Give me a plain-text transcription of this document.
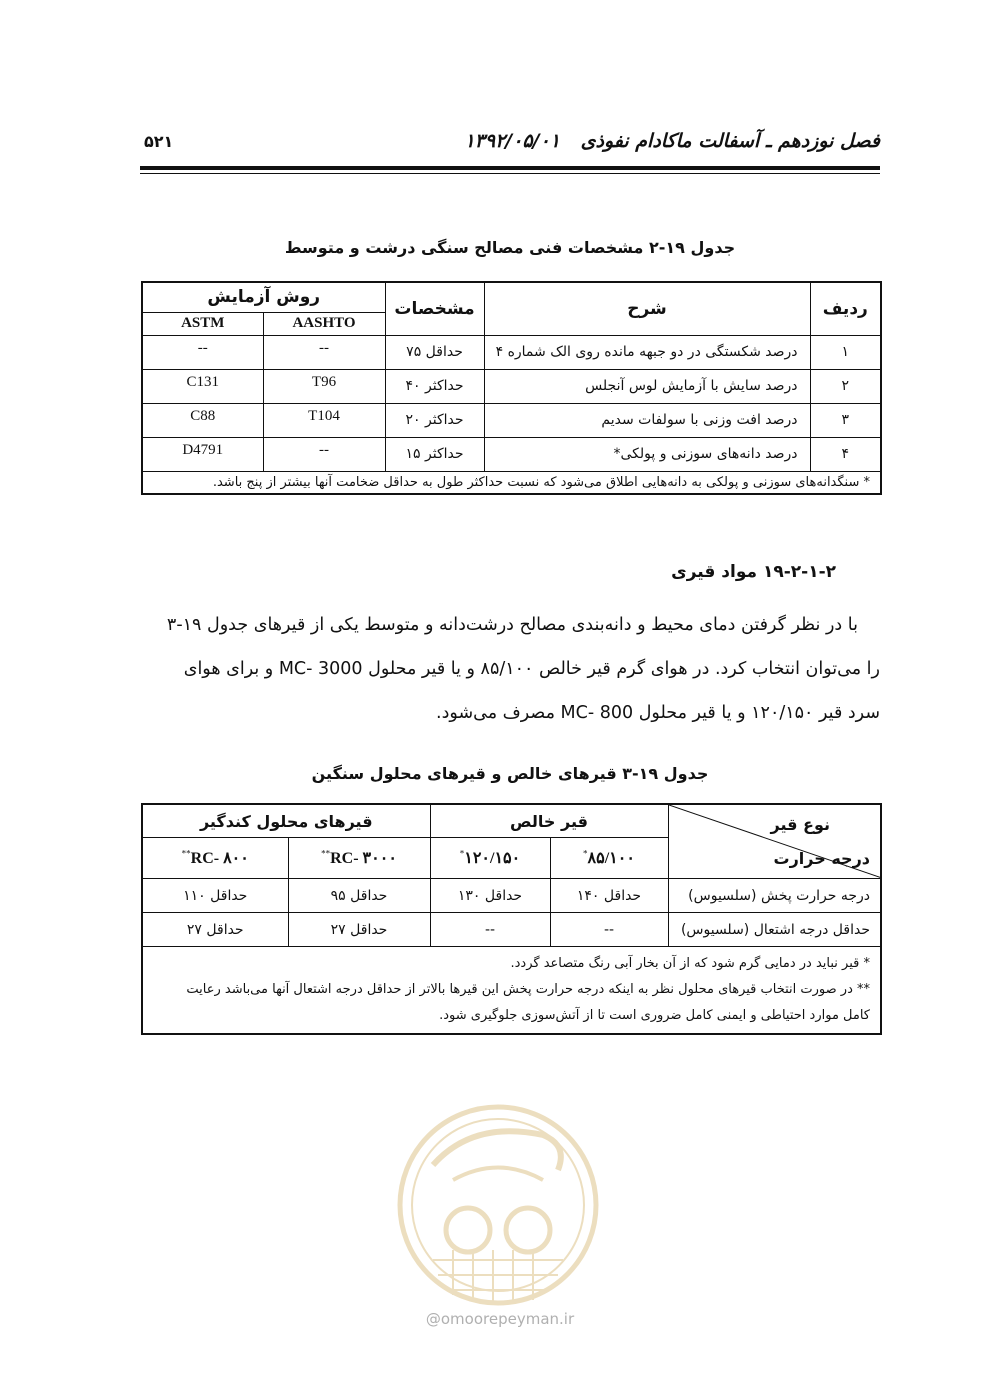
فصل نوزدهم ـ آسفالت ماکادام نفوذی
۱۳۹۲/۰۵/۰۱
۵۲۱
جدول ۱۹-۲ مشخصات فنی مصالح سنگی درشت و متوسط
ردیف	شرح	مشخصات	روش آزمایش	
			AASHTO	ASTM
۱	درصد شکستگی در دو جبهه مانده روی الک شماره ۴	حداقل ۷۵	--	--
۲	درصد سایش با آزمایش لوس آنجلس	حداکثر ۴۰	T96	C131
۳	درصد افت وزنی با سولفات سدیم	حداکثر ۲۰	T104	C88
۴	درصد دانه‌های سوزنی و پولکی*	حداکثر ۱۵	--	D4791
* سنگدانه‌های سوزنی و پولکی به دانه‌هایی اطلاق می‌شود که نسبت حداکثر طول به حداقل ضخامت آنها بیشتر از پنج باشد.				
۱۹-۲-۱-۲ مواد قیری
با در نظر گرفتن دمای محیط و دانه‌بندی مصالح درشت‌دانه و متوسط یکی از قیرهای جدول ۱۹-۳
را می‌توان انتخاب کرد. در هوای گرم قیر خالص ۸۵/۱۰۰ و یا قیر محلول MC- 3000 و برای هوای
سرد قیر ۱۲۰/۱۵۰ و یا قیر محلول MC- 800 مصرف می‌شود.
جدول ۱۹-۳ قیرهای خالص و قیرهای محلول سنگین
نوع قیر
درجه حرارت	قیر خالص		قیرهای محلول کندگیر	
	۸۵/۱۰۰*	۱۲۰/۱۵۰*	RC- ۳۰۰۰**	RC- ۸۰۰**
درجه حرارت پخش (سلسیوس)	حداقل ۱۴۰	حداقل ۱۳۰	حداقل ۹۵	حداقل ۱۱۰
حداقل درجه اشتعال (سلسیوس)	--	--	حداقل ۲۷	حداقل ۲۷

* قیر نباید در دمایی گرم شود که از آن بخار آبی رنگ متصاعد گردد.
** در صورت انتخاب قیرهای محلول نظر به اینکه درجه حرارت پخش این قیرها بالاتر از حداقل درجه اشتعال آنها می‌باشد رعایت
کامل موارد احتیاطی و ایمنی کامل ضروری است تا از آتش‌سوزی جلوگیری شود.				
@omoorepeyman.ir
